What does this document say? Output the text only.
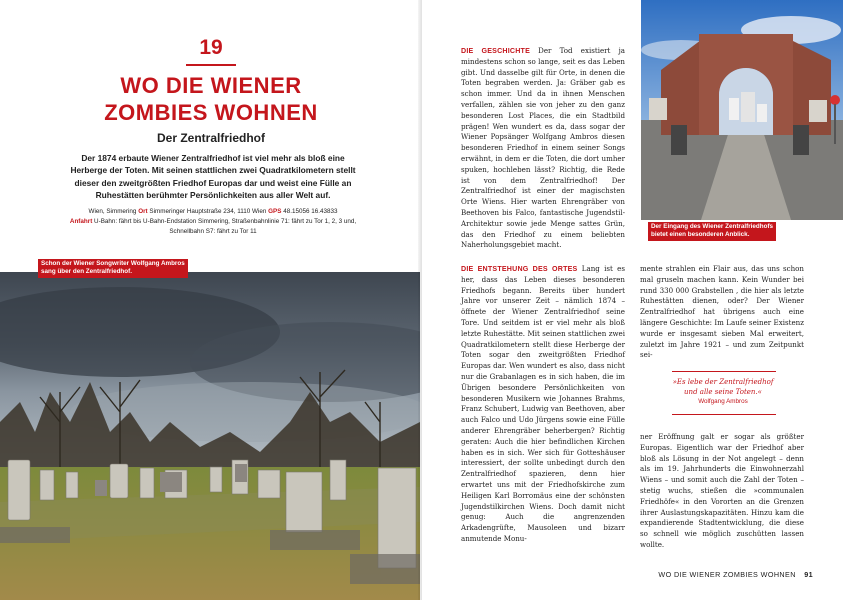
19
WO DIE WIENER
ZOMBIES WOHNEN
Der Zentralfriedhof
Der 1874 erbaute Wiener Zentralfriedhof ist viel mehr als bloß eine Herberge der Toten. Mit seinen stattlichen zwei Quadratkilometern stellt dieser den zweitgrößten Friedhof Europas dar und weist eine Fülle an Ruhestätten berühmter Persönlichkeiten aus aller Welt auf.
Wien, Simmering Ort Simmeringer Hauptstraße 234, 1110 Wien GPS 48.15056 16.43833
Anfahrt U-Bahn: fährt bis U-Bahn-Endstation Simmering, Straßenbahnlinie 71: fährt zu Tor 1, 2, 3 und, Schnellbahn S7: fährt zu Tor 11
Schon der Wiener Songwriter Wolfgang Ambros
sang über den Zentralfriedhof.
Der Eingang des Wiener Zentralfriedhofs
bietet einen besonderen Anblick.

DIE GESCHICHTE Der Tod existiert ja mindestens schon so lange, seit es das Leben gibt. Und dasselbe gilt für Orte, in denen die Toten begraben werden. Ja: Gräber gab es schon immer. Und da in ihnen Menschen verfallen, zählen sie von jeher zu den ganz besonderen Lost Places, die ein Stadtbild prägen! Wen wundert es da, dass sogar der Wiener Popsänger Wolfgang Ambros diesen besonderen Friedhof in einem seiner Songs erwähnt, in dem er die Toten, die dort umher spuken, hochleben lässt? Richtig, die Rede ist von dem Zentralfriedhof! Der Zentralfriedhof ist einer der magischsten Orte Wiens. Hier warten Ehrengräber von Beethoven bis Falco, fantastische Jugendstil-Architektur sowie jede Menge sattes Grün, das den Friedhof zu einem beliebten Naherholungsgebiet macht.

DIE ENTSTEHUNG DES ORTES Lang ist es her, dass das Leben dieses besonderen Friedhofs begann. Bereits über hundert Jahre vor unserer Zeit – nämlich 1874 – öffnete der Wiener Zentralfriedhof seine Tore. Und seitdem ist er viel mehr als bloß letzte Ruhestätte. Mit seinen stattlichen zwei Quadratkilometern stellt diese Herberge der Toten sogar den zweitgrößten Friedhof Europas dar. Wen wundert es also, dass nicht nur die Grabanlagen es in sich haben, die im Übrigen besondere Persönlichkeiten von besonderen Musikern wie Johannes Brahms, Franz Schubert, Ludwig van Beethoven, aber auch Falco und Udo Jürgens sowie eine Fülle anderer Ehrengräber beherbergen? Richtig geraten: Auch die hier befindlichen Kirchen haben es in sich. Wer sich für Gotteshäuser interessiert, der sollte unbedingt durch den Zentralfriedhof spazieren, denn hier erwartet uns mit der Friedhofskirche zum Heiligen Karl Borromäus eine der schönsten Jugendstilkirchen Wiens. Doch damit nicht genug: Auch die angrenzenden Arkadengrüfte, Mausoleen und bizarr anmutende Monu-

mente strahlen ein Flair aus, das uns schon mal gruseln machen kann. Kein Wunder bei rund 330 000 Grabstellen , die hier als letzte Ruhestätten dienen, oder? Der Wiener Zentralfriedhof hat übrigens auch eine längere Geschichte: Im Laufe seiner Existenz wurde er insgesamt sieben Mal erweitert, zuletzt im Jahre 1921 – und zum Zeitpunkt sei-

»Es lebe der Zentralfriedhof
und alle seine Toten.«
Wolfgang Ambros

ner Eröffnung galt er sogar als größter Europas. Eigentlich war der Friedhof aber bloß als Lösung in der Not angelegt – denn als im 19. Jahrhunderts die Einwohnerzahl Wiens – und somit auch die Zahl der Toten – stetig wuchs, stießen die »communalen Friedhöfe« in den Vororten an die Grenzen ihrer Auslastungskapazitäten. Hinzu kam die expandierende Stadtentwicklung, die diese so schnell wie möglich zuschütten lassen wollte.

WO DIE WIENER ZOMBIES WOHNEN 91
